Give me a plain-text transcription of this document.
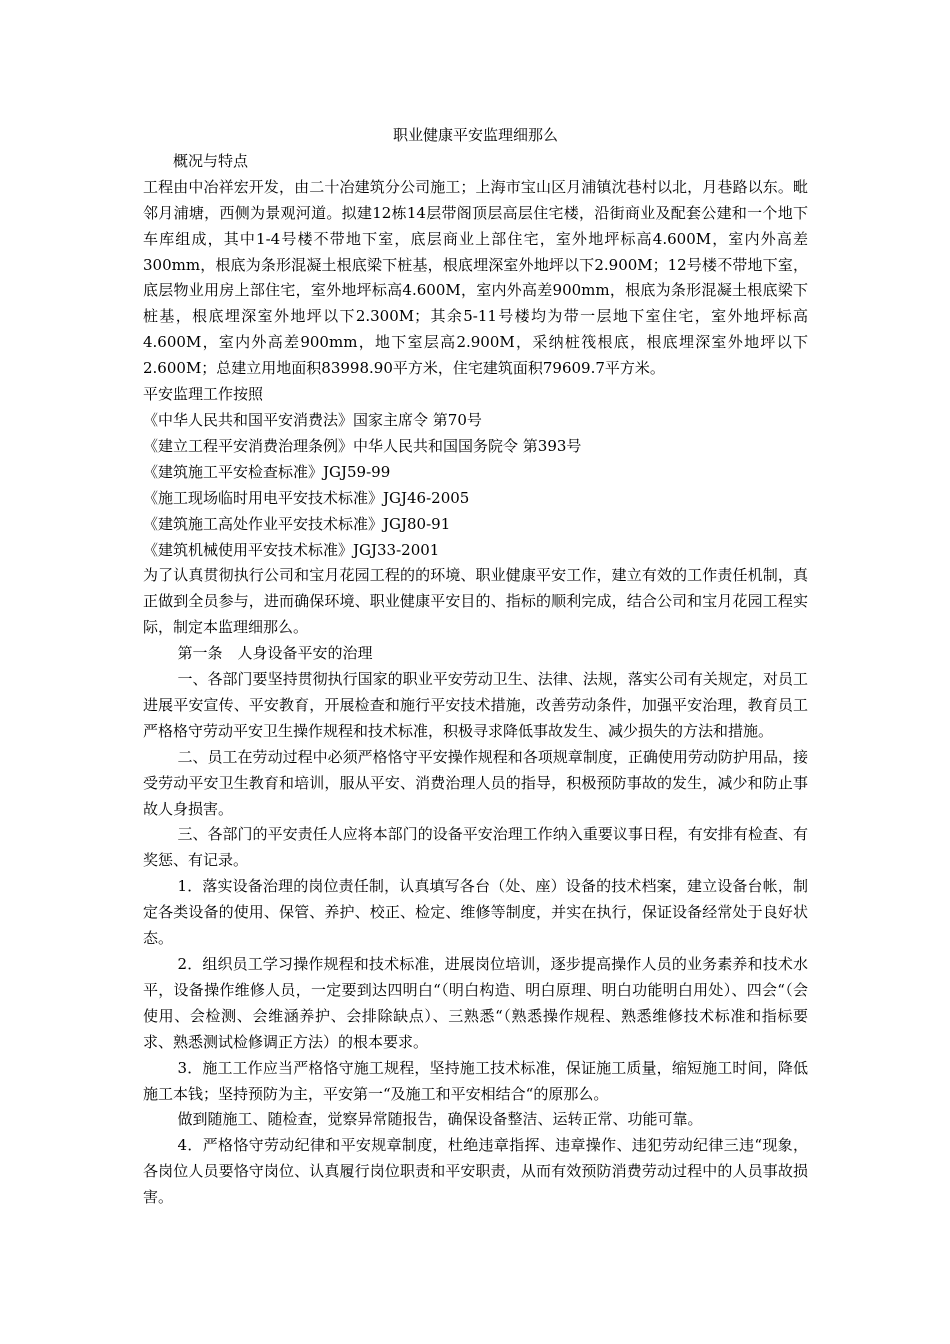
职业健康平安监理细那么

概况与特点

工程由中冶祥宏开发，由二十冶建筑分公司施工；上海市宝山区月浦镇沈巷村以北，月巷路以东。毗邻月浦塘，西侧为景观河道。拟建12栋14层带阁顶层高层住宅楼，沿街商业及配套公建和一个地下车库组成，其中1-4号楼不带地下室，底层商业上部住宅，室外地坪标高4.600M，室内外高差300mm，根底为条形混凝土根底梁下桩基，根底埋深室外地坪以下2.900M；12号楼不带地下室，底层物业用房上部住宅，室外地坪标高4.600M，室内外高差900mm，根底为条形混凝土根底梁下桩基，根底埋深室外地坪以下2.300M；其余5-11号楼均为带一层地下室住宅，室外地坪标高4.600M，室内外高差900mm，地下室层高2.900M，采纳桩筏根底，根底埋深室外地坪以下2.600M；总建立用地面积83998.90平方米，住宅建筑面积79609.7平方米。

平安监理工作按照

《中华人民共和国平安消费法》国家主席令 第70号

《建立工程平安消费治理条例》中华人民共和国国务院令 第393号

《建筑施工平安检查标准》JGJ59-99

《施工现场临时用电平安技术标准》JGJ46-2005

《建筑施工高处作业平安技术标准》JGJ80-91

《建筑机械使用平安技术标准》JGJ33-2001

为了认真贯彻执行公司和宝月花园工程的的环境、职业健康平安工作，建立有效的工作责任机制，真正做到全员参与，进而确保环境、职业健康平安目的、指标的顺利完成，结合公司和宝月花园工程实际，制定本监理细那么。

第一条　人身设备平安的治理

一、各部门要坚持贯彻执行国家的职业平安劳动卫生、法律、法规，落实公司有关规定，对员工进展平安宣传、平安教育，开展检查和施行平安技术措施，改善劳动条件，加强平安治理，教育员工严格格守劳动平安卫生操作规程和技术标准，积极寻求降低事故发生、减少损失的方法和措施。

二、员工在劳动过程中必须严格恪守平安操作规程和各项规章制度，正确使用劳动防护用品，接受劳动平安卫生教育和培训，服从平安、消费治理人员的指导，积极预防事故的发生，减少和防止事故人身损害。

三、各部门的平安责任人应将本部门的设备平安治理工作纳入重要议事日程，有安排有检查、有奖惩、有记录。

1．落实设备治理的岗位责任制，认真填写各台（处、座）设备的技术档案，建立设备台帐，制定各类设备的使用、保管、养护、校正、检定、维修等制度，并实在执行，保证设备经常处于良好状态。

2．组织员工学习操作规程和技术标准，进展岗位培训，逐步提高操作人员的业务素养和技术水平，设备操作维修人员，一定要到达四明白“（明白构造、明白原理、明白功能明白用处）、四会“（会使用、会检测、会维涵养护、会排除缺点）、三熟悉“（熟悉操作规程、熟悉维修技术标准和指标要求、熟悉测试检修调正方法）的根本要求。

3．施工工作应当严格恪守施工规程，坚持施工技术标准，保证施工质量，缩短施工时间，降低施工本钱；坚持预防为主，平安第一“及施工和平安相结合“的原那么。

做到随施工、随检查，觉察异常随报告，确保设备整洁、运转正常、功能可靠。

4．严格恪守劳动纪律和平安规章制度，杜绝违章指挥、违章操作、违犯劳动纪律三违“现象，各岗位人员要恪守岗位、认真履行岗位职责和平安职责，从而有效预防消费劳动过程中的人员事故损害。
